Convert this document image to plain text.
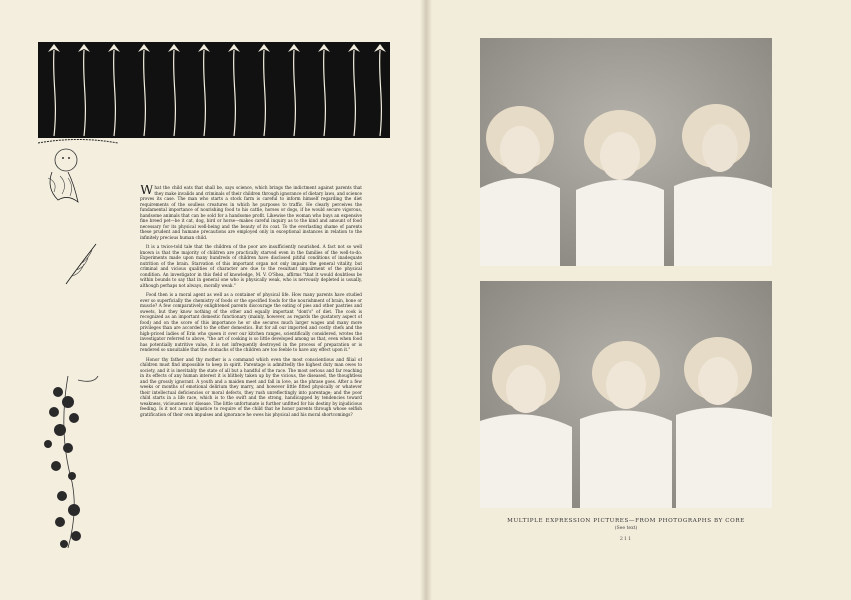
What the child eats that shall be, says science, which brings the indictment against parents that they make invalids and criminals of their children through ignorance of dietary laws, and science proves its case. The man who starts a stock farm is careful to inform himself regarding the diet requirements of the soulless creatures in which he purposes to traffic. He clearly perceives the fundamental importance of nourishing food to his cattle, horses or dogs, if he would secure vigorous, handsome animals that can be sold for a handsome profit. Likewise the woman who buys an expensive fine breed pet—be it cat, dog, bird or horse—makes careful inquiry as to the kind and amount of food necessary for its physical well-being and the beauty of its coat. To the everlasting shame of parents these prudent and humane precautions are employed only in exceptional instances in relation to the infinitely precious human child.

It is a twice-told tale that the children of the poor are insufficiently nourished. A fact not so well known is that the majority of children are practically starved even in the families of the well-to-do. Experiments made upon many hundreds of children have disclosed pitiful conditions of inadequate nutrition of the brain. Starvation of this important organ not only impairs the general vitality, but criminal and vicious qualities of character are due to the resultant impairment of the physical condition. An investigator in this field of knowledge, M. V. O'Shea, affirms "that it would doubtless be within bounds to say that in general one who is physically weak, who is nervously depleted is usually, although perhaps not always, morally weak."

Food then is a moral agent as well as a container of physical life. How many parents have studied ever so superficially the chemistry of foods or the specified foods for the nourishment of brain, bone or muscle? A few comparatively enlightened parents discourage the eating of pies and other pastries and sweets, but they know nothing of the other and equally important "dont's" of diet. The cook is recognized as an important domestic functionary (mainly, however, as regards the gustatory aspect of food) and on the score of this importance he or she secures much larger wages and many more privileges than are accorded to the other domestics. But for all our imported and costly chefs and the high-priced ladies of Erin who queen it over our kitchen ranges, scientifically considered, wrotes the investigator referred to above, "the art of cooking is so little developed among us that, even when food has potentially nutritive value, it is not infrequently destroyed in the process of preparation or is rendered so unsuitable that the stomachs of the children are too feeble to have any effect upon it."

Honor thy father and thy mother is a command which even the most conscientious and filial of children must find impossible to keep in spirit. Parentage is admittedly the highest duty man owes to society, and it is inevitably the state of all but a handful of the race. The most serious and far reaching in its effects of any human interest it is blithely taken up by the vicious, the diseased, the thoughtless and the grossly ignorant. A youth and a maiden meet and fall in love, as the phrase goes. After a few weeks or months of emotional delirium they marry, and however little fitted physically or whatever their intellectual deficiencies or moral defects, they rush unreflectingly into parentage; and the poor child starts in a life race, which is to the swift and the strong, handicapped by tendencies toward weakness, viciousness or disease. The little unfortunate is further unfitted for his destiny by injudicious feeding. Is it not a rank injustice to require of the child that he honor parents through whose selfish gratification of their own impulses and ignorance he owes his physical and his moral shortcomings?

MULTIPLE EXPRESSION PICTURES—FROM PHOTOGRAPHS BY CORE
(See text)
211
